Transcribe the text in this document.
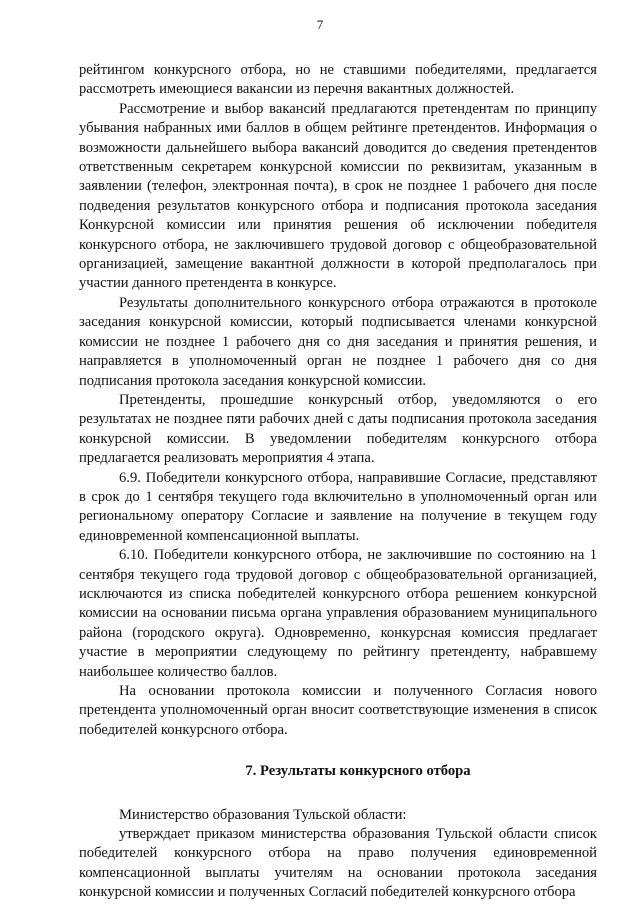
7

рейтингом конкурсного отбора, но не ставшими победителями, предлагается рассмотреть имеющиеся вакансии из перечня вакантных должностей.

Рассмотрение и выбор вакансий предлагаются претендентам по принципу убывания набранных ими баллов в общем рейтинге претендентов. Информация о возможности дальнейшего выбора вакансий доводится до сведения претендентов ответственным секретарем конкурсной комиссии по реквизитам, указанным в заявлении (телефон, электронная почта), в срок не позднее 1 рабочего дня после подведения результатов конкурсного отбора и подписания протокола заседания Конкурсной комиссии или принятия решения об исключении победителя конкурсного отбора, не заключившего трудовой договор с общеобразовательной организацией, замещение вакантной должности в которой предполагалось при участии данного претендента в конкурсе.

Результаты дополнительного конкурсного отбора отражаются в протоколе заседания конкурсной комиссии, который подписывается членами конкурсной комиссии не позднее 1 рабочего дня со дня заседания и принятия решения, и направляется в уполномоченный орган не позднее 1 рабочего дня со дня подписания протокола заседания конкурсной комиссии.

Претенденты, прошедшие конкурсный отбор, уведомляются о его результатах не позднее пяти рабочих дней с даты подписания протокола заседания конкурсной комиссии. В уведомлении победителям конкурсного отбора предлагается реализовать мероприятия 4 этапа.

6.9. Победители конкурсного отбора, направившие Согласие, представляют в срок до 1 сентября текущего года включительно в уполномоченный орган или региональному оператору Согласие и заявление на получение в текущем году единовременной компенсационной выплаты.

6.10. Победители конкурсного отбора, не заключившие по состоянию на 1 сентября текущего года трудовой договор с общеобразовательной организацией, исключаются из списка победителей конкурсного отбора решением конкурсной комиссии на основании письма органа управления образованием муниципального района (городского округа). Одновременно, конкурсная комиссия предлагает участие в мероприятии следующему по рейтингу претенденту, набравшему наибольшее количество баллов.

На основании протокола комиссии и полученного Согласия нового претендента уполномоченный орган вносит соответствующие изменения в список победителей конкурсного отбора.

7. Результаты конкурсного отбора

Министерство образования Тульской области:

утверждает приказом министерства образования Тульской области список победителей конкурсного отбора на право получения единовременной компенсационной выплаты учителям на основании протокола заседания конкурсной комиссии и полученных Согласий победителей конкурсного отбора
